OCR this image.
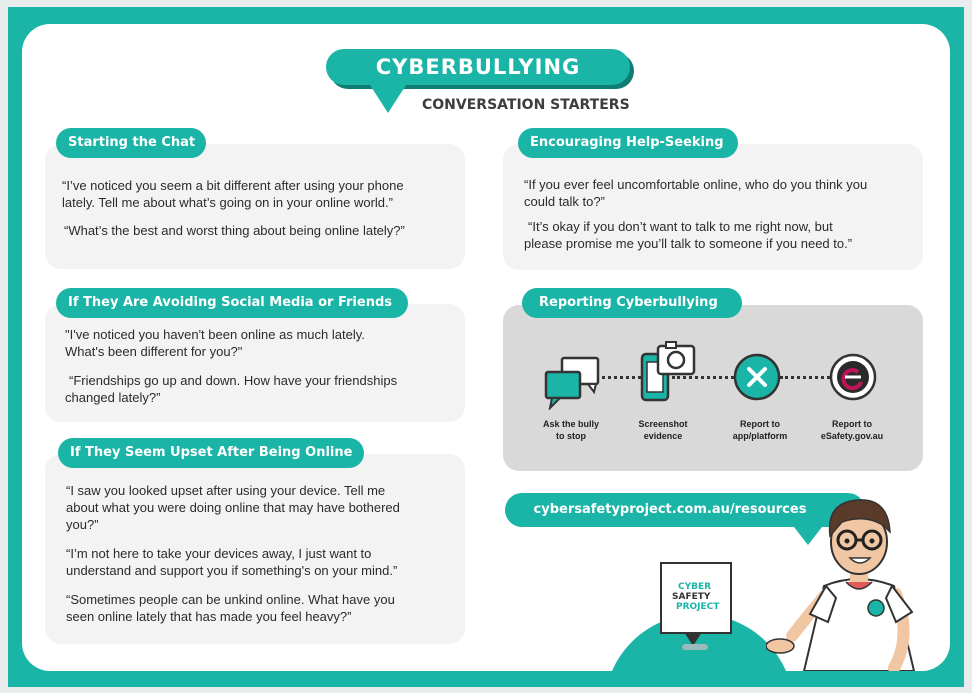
CYBERBULLYING
CONVERSATION STARTERS
Starting the Chat
“I’ve noticed you seem a bit different after using your phone
lately. Tell me about what’s going on in your online world.”
“What’s the best and worst thing about being online lately?”
If They Are Avoiding Social Media or Friends
"I've noticed you haven't been online as much lately.
What's been different for you?"
“Friendships go up and down. How have your friendships
changed lately?”
If They Seem Upset After Being Online
“I saw you looked upset after using your device. Tell me
about what you were doing online that may have bothered
you?”
“I’m not here to take your devices away, I just want to
understand and support you if something's on your mind.”
“Sometimes people can be unkind online. What have you
seen online lately that has made you feel heavy?”
Encouraging Help-Seeking
“If you ever feel uncomfortable online, who do you think you
could talk to?”
“It’s okay if you don’t want to talk to me right now, but
please promise me you’ll talk to someone if you need to.”
Reporting Cyberbullying
Ask the bully
to stop
Screenshot
evidence
Report to
app/platform
Report to
eSafety.gov.au
cybersafetyproject.com.au/resources
CYBER
SAFETY
PROJECT
